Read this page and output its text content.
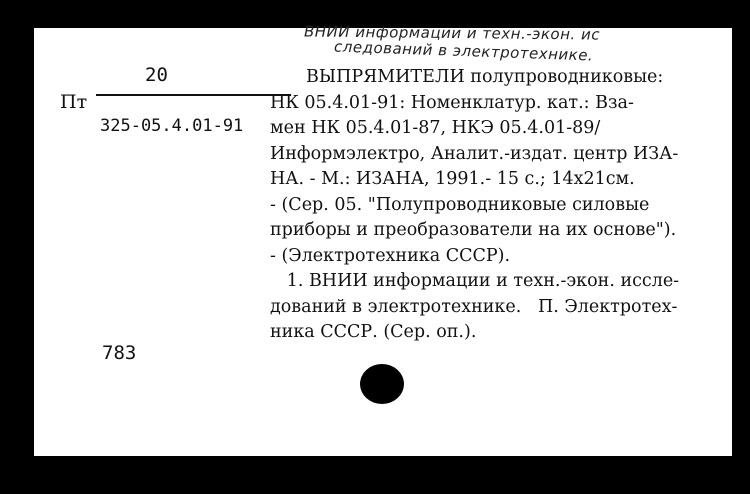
ВНИИ информации и техн.-экон. ис
следований в электротехнике.
20
Пт
325-05.4.01-91
ВЫПРЯМИТЕЛИ полупроводниковые:
НК 05.4.01-91: Номенклатур. кат.: Вза-
мен НК 05.4.01-87, НКЭ 05.4.01-89/
Информэлектро, Аналит.-издат. центр ИЗА-
НА. - М.: ИЗАНА, 1991.- 15 с.; 14х21см.
- (Сер. 05. "Полупроводниковые силовые
приборы и преобразователи на их основе").
- (Электротехника СССР).
1. ВНИИ информации и техн.-экон. иссле-
дований в электротехнике.   П. Электротех-
ника СССР. (Сер. оп.).
783
